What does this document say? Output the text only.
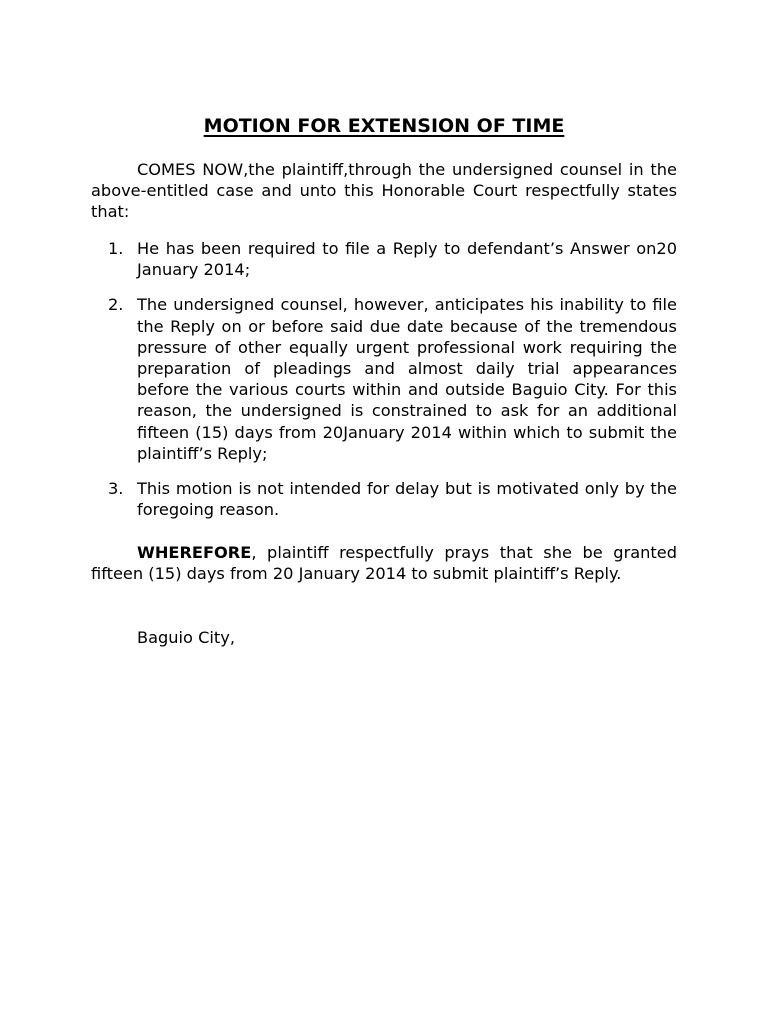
MOTION FOR EXTENSION OF TIME
COMES NOW,the plaintiff,through the undersigned counsel in the above-entitled case and unto this Honorable Court respectfully states that:
1. He has been required to file a Reply to defendant’s Answer on20 January 2014;
2. The undersigned counsel, however, anticipates his inability to file the Reply on or before said due date because of the tremendous pressure of other equally urgent professional work requiring the preparation of pleadings and almost daily trial appearances before the various courts within and outside Baguio City. For this reason, the undersigned is constrained to ask for an additional fifteen (15) days from 20January 2014 within which to submit the plaintiff’s Reply;
3. This motion is not intended for delay but is motivated only by the foregoing reason.
WHEREFORE, plaintiff respectfully prays that she be granted fifteen (15) days from 20 January 2014 to submit plaintiff’s Reply.
Baguio City,
